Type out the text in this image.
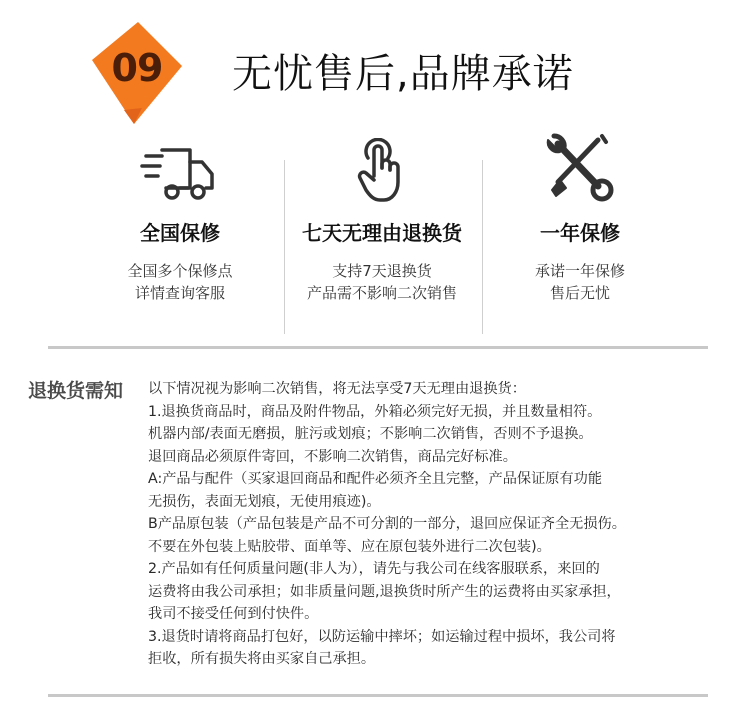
09 无忧售后,品牌承诺
全国保修
全国多个保修点
详情查询客服
七天无理由退换货
支持7天退换货
产品需不影响二次销售
一年保修
承诺一年保修
售后无忧
退换货需知 以下情况视为影响二次销售，将无法享受7天无理由退换货：
1.退换货商品时，商品及附件物品，外箱必须完好无损，并且数量相符。
机器内部/表面无磨损，脏污或划痕；不影响二次销售，否则不予退换。
退回商品必须原件寄回，不影响二次销售，商品完好标准。
A:产品与配件（买家退回商品和配件必须齐全且完整，产品保证原有功能
无损伤，表面无划痕，无使用痕迹)。
B产品原包装（产品包装是产品不可分割的一部分，退回应保证齐全无损伤。
不要在外包装上贴胶带、面单等、应在原包装外进行二次包装)。
2.产品如有任何质量问题(非人为），请先与我公司在线客服联系，来回的
运费将由我公司承担；如非质量问题,退换货时所产生的运费将由买家承担，
我司不接受任何到付快件。
3.退货时请将商品打包好，以防运输中摔坏；如运输过程中损坏，我公司将
拒收，所有损失将由买家自己承担。
